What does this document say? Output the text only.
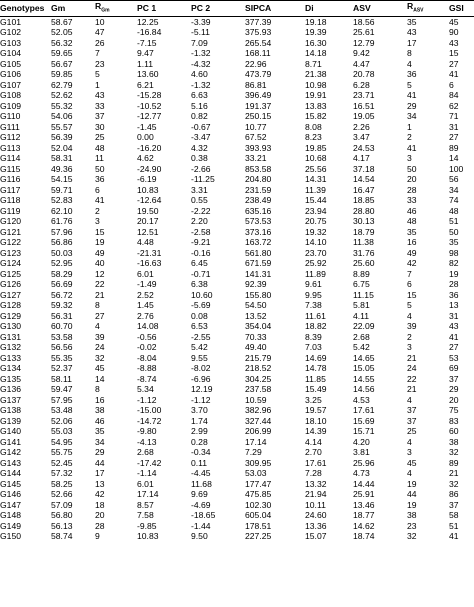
Genotypes	Gm	$R_{Gm}$	PC 1	PC 2	SIPCA	Di	ASV	$R_{ASV}$	GSI
G101	58.67	10	12.25	-3.39	377.39	19.18	18.56	35	45
G102	52.05	47	-16.84	-5.11	375.93	19.39	25.61	43	90
G103	56.32	26	-7.15	7.09	265.54	16.30	12.79	17	43
G104	59.65	7	9.47	-1.32	168.11	14.18	9.42	8	15
G105	56.67	23	1.11	-4.32	22.96	8.71	4.47	4	27
G106	59.85	5	13.60	4.60	473.79	21.38	20.78	36	41
G107	62.79	1	6.21	-1.32	86.81	10.98	6.28	5	6
G108	52.62	43	-15.28	6.63	396.49	19.91	23.71	41	84
G109	55.32	33	-10.52	5.16	191.37	13.83	16.51	29	62
G110	54.06	37	-12.77	0.82	250.15	15.82	19.05	34	71
G111	55.57	30	-1.45	-0.67	10.77	8.08	2.26	1	31
G112	56.39	25	0.00	-3.47	67.52	8.23	3.47	2	27
G113	52.04	48	-16.20	4.32	393.93	19.85	24.53	41	89
G114	58.31	11	4.62	0.38	33.21	10.68	4.17	3	14
G115	49.36	50	-24.90	-2.66	853.58	25.56	37.18	50	100
G116	54.15	36	-6.19	-11.25	204.80	14.31	14.54	20	56
G117	59.71	6	10.83	3.31	231.59	11.39	16.47	28	34
G118	52.83	41	-12.64	0.55	238.49	15.44	18.85	33	74
G119	62.10	2	19.50	-2.22	635.16	23.94	28.80	46	48
G120	61.76	3	20.17	2.20	573.53	20.75	30.13	48	51
G121	57.96	15	12.51	-2.58	373.16	19.32	18.79	35	50
G122	56.86	19	4.48	-9.21	163.72	14.10	11.38	16	35
G123	50.03	49	-21.31	-0.16	561.80	23.70	31.76	49	98
G124	52.95	40	-16.63	6.45	671.59	25.92	25.60	42	82
G125	58.29	12	6.01	-0.71	141.31	11.89	8.89	7	19
G126	56.69	22	-1.49	6.38	92.39	9.61	6.75	6	28
G127	56.72	21	2.52	10.60	155.80	9.95	11.15	15	36
G128	59.32	8	1.45	-5.69	54.50	7.38	5.81	5	13
G129	56.31	27	2.76	0.08	13.52	11.61	4.11	4	31
G130	60.70	4	14.08	6.53	354.04	18.82	22.09	39	43
G131	53.58	39	-0.56	-2.55	70.33	8.39	2.68	2	41
G132	56.56	24	-0.02	5.42	49.40	7.03	5.42	3	27
G133	55.35	32	-8.04	9.55	215.79	14.69	14.65	21	53
G134	52.37	45	-8.88	-8.02	218.52	14.78	15.05	24	69
G135	58.11	14	-8.74	-6.96	304.25	11.85	14.55	22	37
G136	59.47	8	5.34	12.19	237.58	15.49	14.56	21	29
G137	57.95	16	-1.12	-1.12	10.59	3.25	4.53	4	20
G138	53.48	38	-15.00	3.70	382.96	19.57	17.61	37	75
G139	52.06	46	-14.72	1.74	327.44	18.10	15.69	37	83
G140	55.03	35	-9.80	2.99	206.99	14.39	15.71	25	60
G141	54.95	34	-4.13	0.28	17.14	4.14	4.20	4	38
G142	55.75	29	2.68	-0.34	7.29	2.70	3.81	3	32
G143	52.45	44	-17.42	0.11	309.95	17.61	25.96	45	89
G144	57.32	17	-1.14	-4.45	53.03	7.28	4.73	4	21
G145	58.25	13	6.01	11.68	177.47	13.32	14.44	19	32
G146	52.66	42	17.14	9.69	475.85	21.94	25.91	44	86
G147	57.09	18	8.57	-4.69	102.30	10.11	13.46	19	37
G148	56.80	20	7.58	-18.65	605.04	24.60	18.77	38	58
G149	56.13	28	-9.85	-1.44	178.51	13.36	14.62	23	51
G150	58.74	9	10.83	9.50	227.25	15.07	18.74	32	41
